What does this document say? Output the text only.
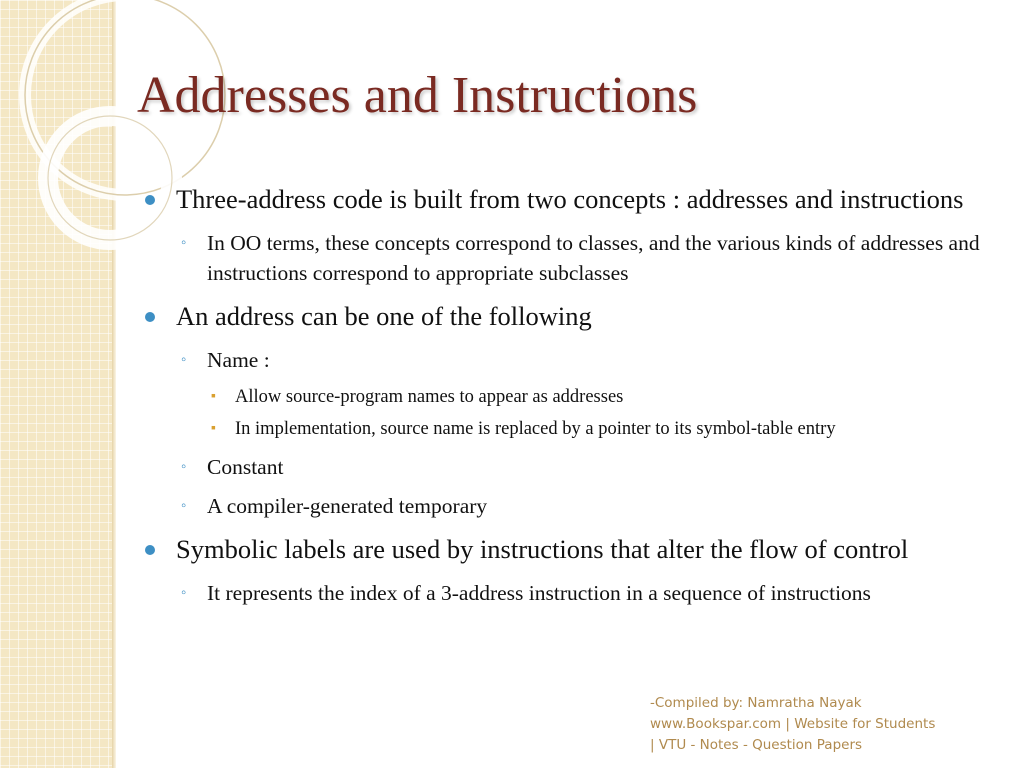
Addresses and Instructions
Three-address code is built from two concepts : addresses and instructions
◦ In OO terms, these concepts correspond to classes, and the various kinds of addresses and instructions correspond to appropriate subclasses
An address can be one of the following
◦ Name :
▪ Allow source-program names to appear as addresses
▪ In implementation, source name is replaced by a pointer to its symbol-table entry
◦ Constant
◦ A compiler-generated temporary
Symbolic labels are used by instructions that alter the flow of control
◦ It represents the index of a 3-address instruction in a sequence of instructions
-Compiled by: Namratha Nayak
www.Bookspar.com | Website for Students
| VTU - Notes - Question Papers
